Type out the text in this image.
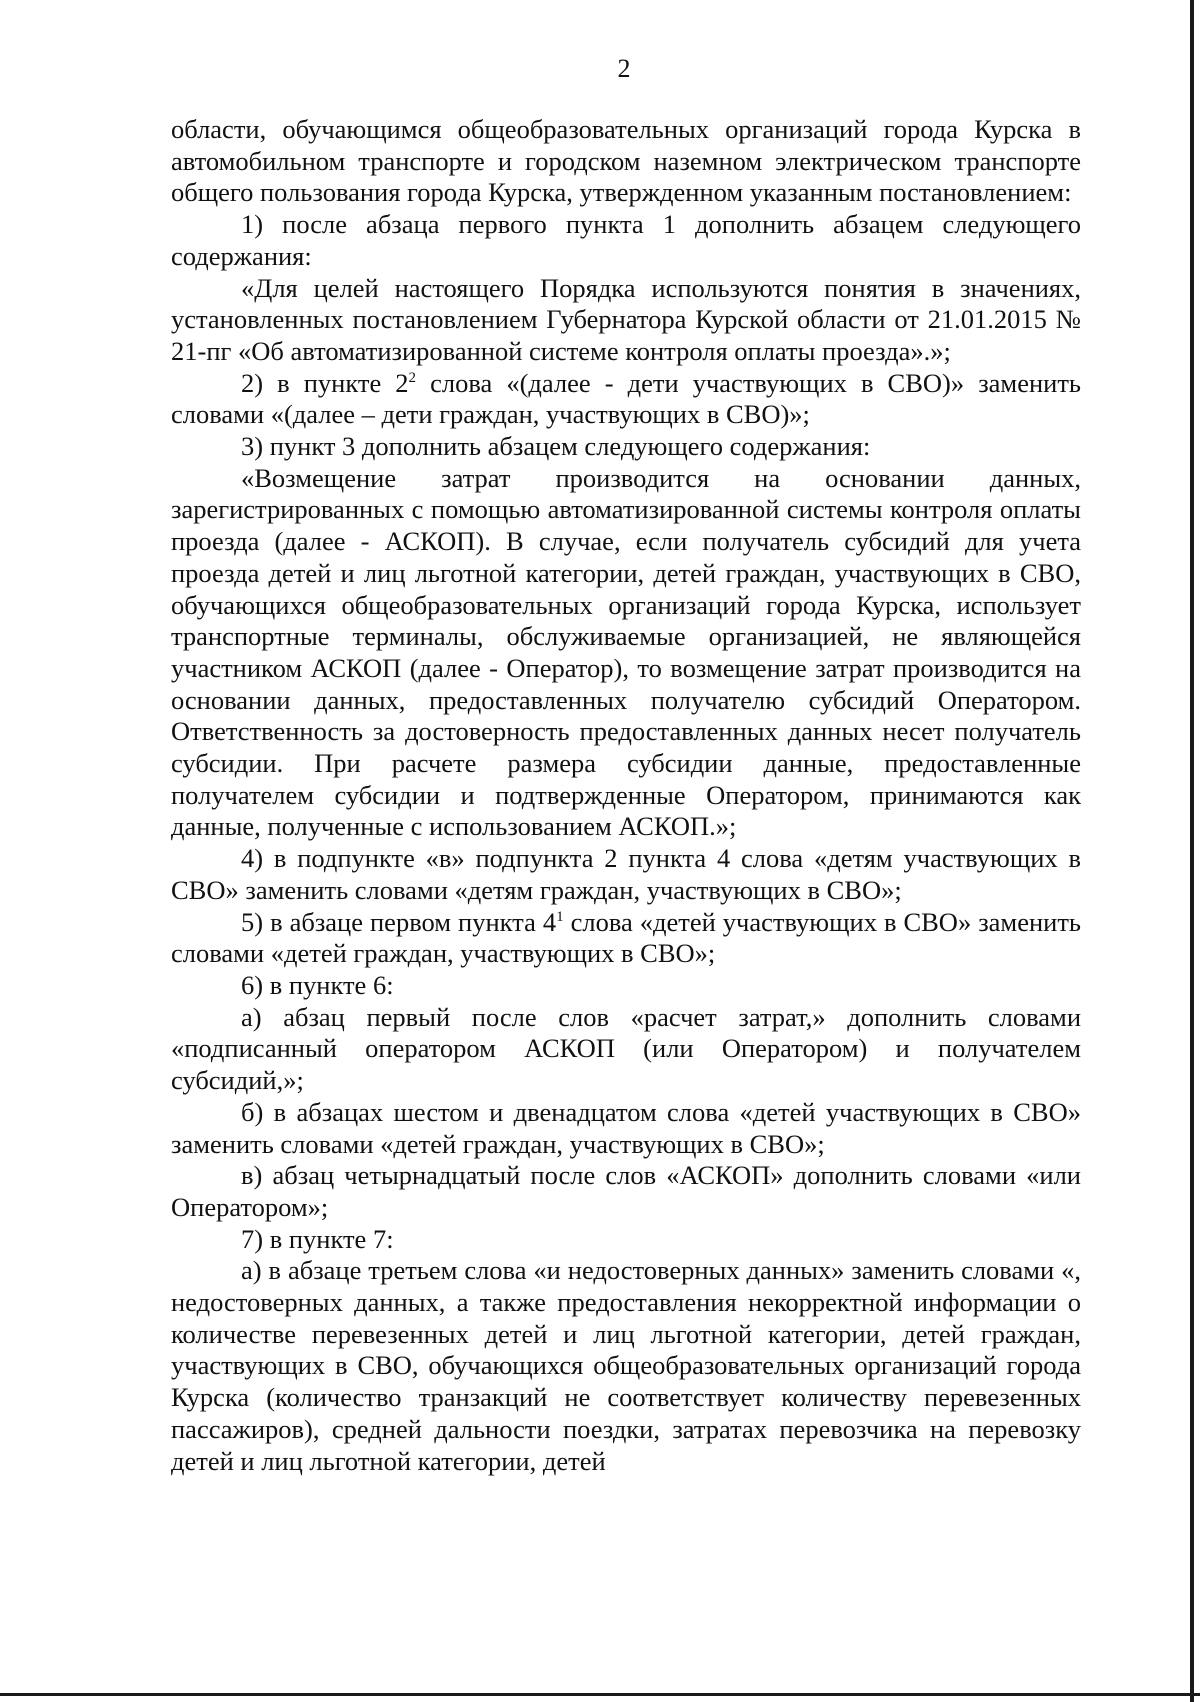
2

области, обучающимся общеобразовательных организаций города Курска в автомобильном транспорте и городском наземном электрическом транспорте общего пользования города Курска, утвержденном указанным постановлением:

1) после абзаца первого пункта 1 дополнить абзацем следующего содержания:

«Для целей настоящего Порядка используются понятия в значениях, установленных постановлением Губернатора Курской области от 21.01.2015 № 21-пг «Об автоматизированной системе контроля оплаты проезда».»;

2) в пункте $2^2$ слова «(далее - дети участвующих в СВО)» заменить словами «(далее – дети граждан, участвующих в СВО)»;

3) пункт 3 дополнить абзацем следующего содержания:

«Возмещение затрат производится на основании данных, зарегистрированных с помощью автоматизированной системы контроля оплаты проезда (далее - АСКОП). В случае, если получатель субсидий для учета проезда детей и лиц льготной категории, детей граждан, участвующих в СВО, обучающихся общеобразовательных организаций города Курска, использует транспортные терминалы, обслуживаемые организацией, не являющейся участником АСКОП (далее - Оператор), то возмещение затрат производится на основании данных, предоставленных получателю субсидий Оператором. Ответственность за достоверность предоставленных данных несет получатель субсидии. При расчете размера субсидии данные, предоставленные получателем субсидии и подтвержденные Оператором, принимаются как данные, полученные с использованием АСКОП.»;

4) в подпункте «в» подпункта 2 пункта 4 слова «детям участвующих в СВО» заменить словами «детям граждан, участвующих в СВО»;

5) в абзаце первом пункта $4^1$ слова «детей участвующих в СВО» заменить словами «детей граждан, участвующих в СВО»;

6) в пункте 6:

а) абзац первый после слов «расчет затрат,» дополнить словами «подписанный оператором АСКОП (или Оператором) и получателем субсидий,»;

б) в абзацах шестом и двенадцатом слова «детей участвующих в СВО» заменить словами «детей граждан, участвующих в СВО»;

в) абзац четырнадцатый после слов «АСКОП» дополнить словами «или Оператором»;

7) в пункте 7:

а) в абзаце третьем слова «и недостоверных данных» заменить словами «, недостоверных данных, а также предоставления некорректной информации о количестве перевезенных детей и лиц льготной категории, детей граждан, участвующих в СВО, обучающихся общеобразовательных организаций города Курска (количество транзакций не соответствует количеству перевезенных пассажиров), средней дальности поездки, затратах перевозчика на перевозку детей и лиц льготной категории, детей
